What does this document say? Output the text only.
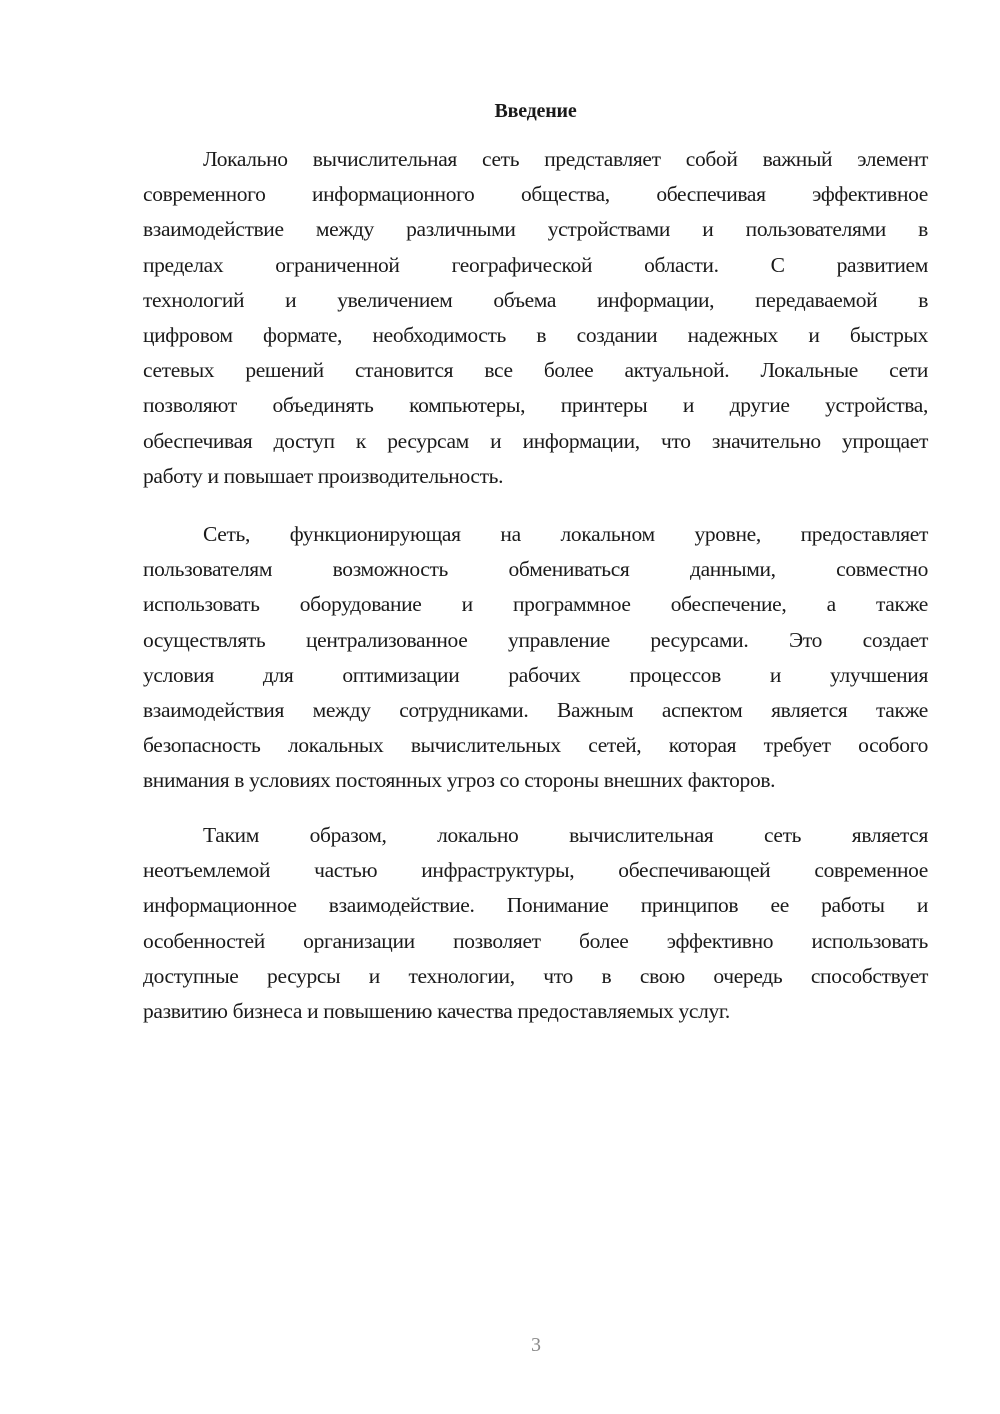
Введение

Локально вычислительная сеть представляет собой важный элемент
современного информационного общества, обеспечивая эффективное
взаимодействие между различными устройствами и пользователями в
пределах ограниченной географической области. С развитием
технологий и увеличением объема информации, передаваемой в
цифровом формате, необходимость в создании надежных и быстрых
сетевых решений становится все более актуальной. Локальные сети
позволяют объединять компьютеры, принтеры и другие устройства,
обеспечивая доступ к ресурсам и информации, что значительно упрощает
работу и повышает производительность.

Сеть, функционирующая на локальном уровне, предоставляет
пользователям возможность обмениваться данными, совместно
использовать оборудование и программное обеспечение, а также
осуществлять централизованное управление ресурсами. Это создает
условия для оптимизации рабочих процессов и улучшения
взаимодействия между сотрудниками. Важным аспектом является также
безопасность локальных вычислительных сетей, которая требует особого
внимания в условиях постоянных угроз со стороны внешних факторов.

Таким образом, локально вычислительная сеть является
неотъемлемой частью инфраструктуры, обеспечивающей современное
информационное взаимодействие. Понимание принципов ее работы и
особенностей организации позволяет более эффективно использовать
доступные ресурсы и технологии, что в свою очередь способствует
развитию бизнеса и повышению качества предоставляемых услуг.

3
